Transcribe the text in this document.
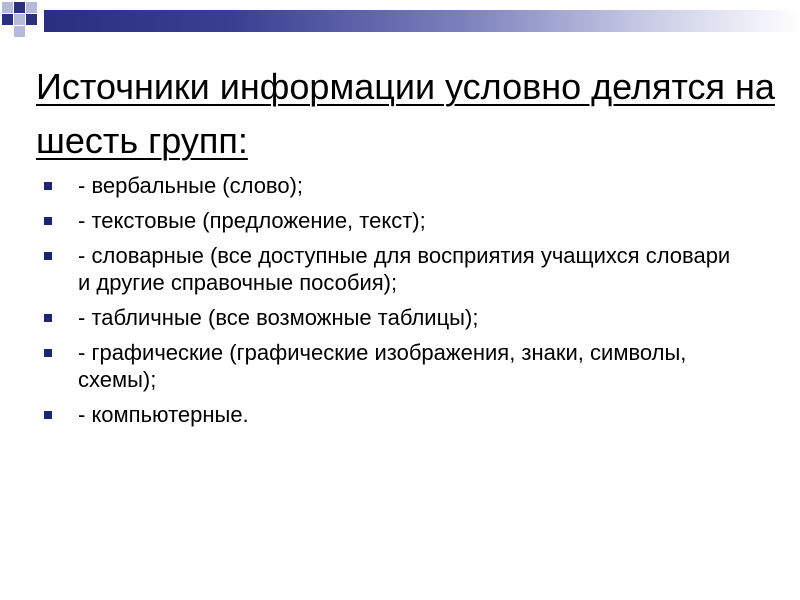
Источники информации условно делятся на шесть групп:
- вербальные (слово);
- текстовые (предложение, текст);
- словарные (все доступные для восприятия учащихся словари и другие справочные пособия);
- табличные (все возможные таблицы);
- графические (графические изображения, знаки, символы, схемы);
- компьютерные.
